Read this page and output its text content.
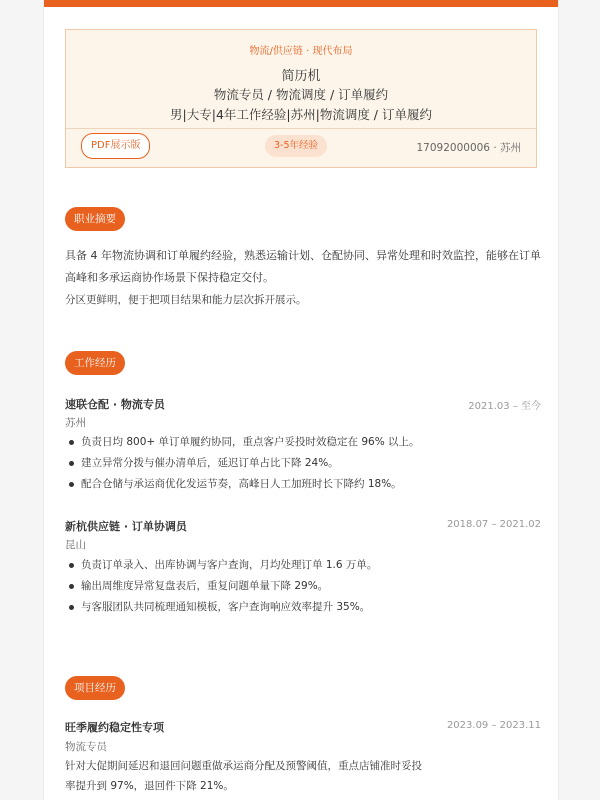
物流/供应链 · 现代布局
简历机
物流专员 / 物流调度 / 订单履约
男|大专|4年工作经验|苏州|物流调度 / 订单履约
PDF展示版	3-5年经验	17092000006 · 苏州
职业摘要
具备 4 年物流协调和订单履约经验，熟悉运输计划、仓配协同、异常处理和时效监控，能够在订单高峰和多承运商协作场景下保持稳定交付。
分区更鲜明，便于把项目结果和能力层次拆开展示。
工作经历
速联仓配 · 物流专员	2021.03 – 至今
苏州
负责日均 800+ 单订单履约协同，重点客户妥投时效稳定在 96% 以上。
建立异常分拨与催办清单后，延迟订单占比下降 24%。
配合仓储与承运商优化发运节奏，高峰日人工加班时长下降约 18%。
新杭供应链 · 订单协调员	2018.07 – 2021.02
昆山
负责订单录入、出库协调与客户查询，月均处理订单 1.6 万单。
输出周维度异常复盘表后，重复问题单量下降 29%。
与客服团队共同梳理通知模板，客户查询响应效率提升 35%。
项目经历
旺季履约稳定性专项	2023.09 – 2023.11
物流专员
针对大促期间延迟和退回问题重做承运商分配及预警阈值，重点店铺准时妥投
率提升到 97%，退回件下降 21%。
